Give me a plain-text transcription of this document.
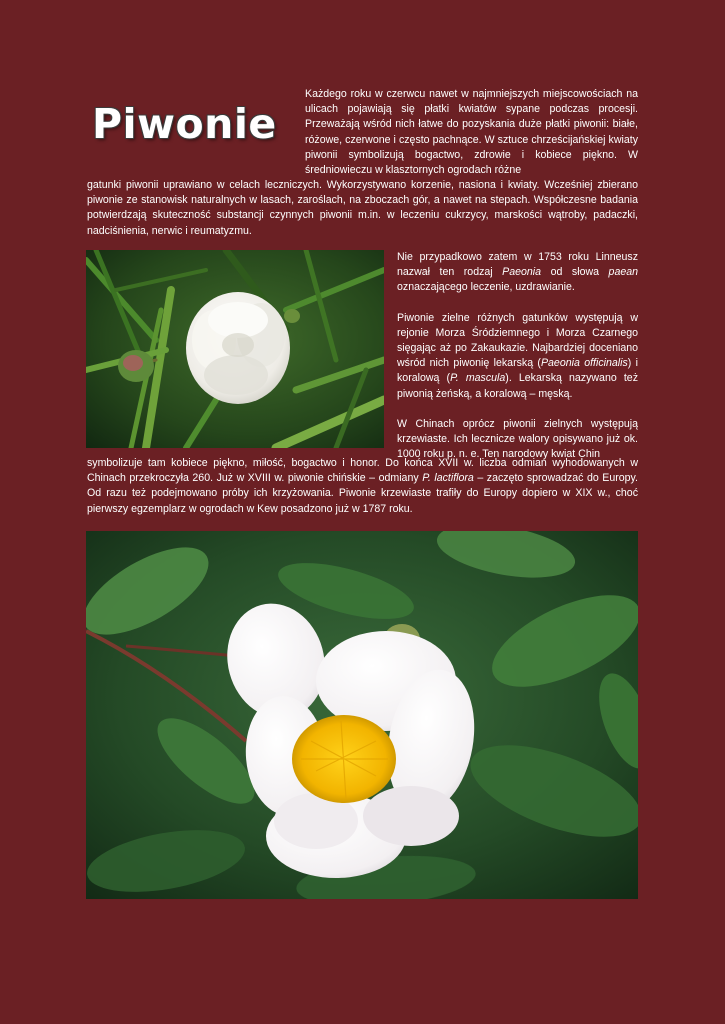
Piwonie

Każdego roku w czerwcu nawet w najmniejszych miejscowościach na ulicach pojawiają się płatki kwiatów sypane podczas procesji. Przeważają wśród nich łatwe do pozyskania duże płatki piwonii: białe, różowe, czerwone i często pachnące. W sztuce chrześcijańskiej kwiaty piwonii symbolizują bogactwo, zdrowie i kobiece piękno. W średniowieczu w klasztornych ogrodach różne

gatunki piwonii uprawiano w celach leczniczych. Wykorzystywano korzenie, nasiona i kwiaty. Wcześniej zbierano piwonie ze stanowisk naturalnych w lasach, zaroślach, na zboczach gór, a nawet na stepach. Współczesne badania potwierdzają skuteczność substancji czynnych piwonii m.in. w leczeniu cukrzycy, marskości wątroby, padaczki, nadciśnienia, nerwic i reumatyzmu.

Nie przypadkowo zatem w 1753 roku Linneusz nazwał ten rodzaj Paeonia od słowa paean oznaczającego leczenie, uzdrawianie.

Piwonie zielne różnych gatunków występują w rejonie Morza Śródziemnego i Morza Czarnego sięgając aż po Zakaukazie. Najbardziej doceniano wśród nich piwonię lekarską (Paeonia officinalis) i koralową (P. mascula). Lekarską nazywano też piwonią żeńską, a koralową – męską.

W Chinach oprócz piwonii zielnych występują krzewiaste. Ich lecznicze walory opisywano już ok. 1000 roku p. n. e. Ten narodowy kwiat Chin

symbolizuje tam kobiece piękno, miłość, bogactwo i honor. Do końca XVII w. liczba odmian wyhodowanych w Chinach przekroczyła 260. Już w XVIII w. piwonie chińskie – odmiany P. lactiflora – zaczęto sprowadzać do Europy. Od razu też podejmowano próby ich krzyżowania. Piwonie krzewiaste trafiły do Europy dopiero w XIX w., choć pierwszy egzemplarz w ogrodach w Kew posadzono już w 1787 roku.
